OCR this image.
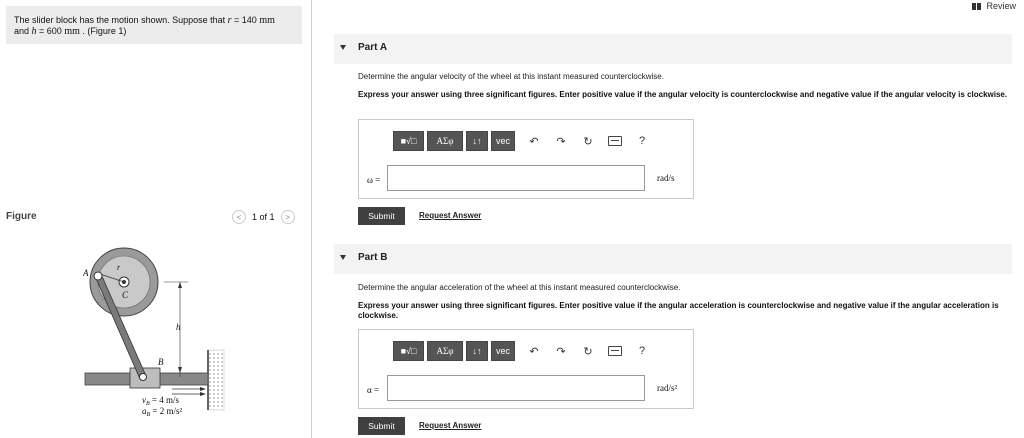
The slider block has the motion shown. Suppose that r = 140 mm
and h = 600 mm . (Figure 1)
Review
Figure	<	1 of 1	>
A
r
C
h
B
$v_B = 4$ m/s
$a_B = 2$ m/s²
Part A
Determine the angular velocity of the wheel at this instant measured counterclockwise.
Express your answer using three significant figures. Enter positive value if the angular velocity is counterclockwise and negative value if the angular velocity is clockwise.
■√□	ΑΣφ	↓↑	vec	↶	↷	↻	?
ω =	rad/s
Submit	Request Answer
Part B
Determine the angular acceleration of the wheel at this instant measured counterclockwise.
Express your answer using three significant figures. Enter positive value if the angular acceleration is counterclockwise and negative value if the angular acceleration is clockwise.
■√□	ΑΣφ	↓↑	vec	↶	↷	↻	?
α =	rad/s²
Submit	Request Answer
